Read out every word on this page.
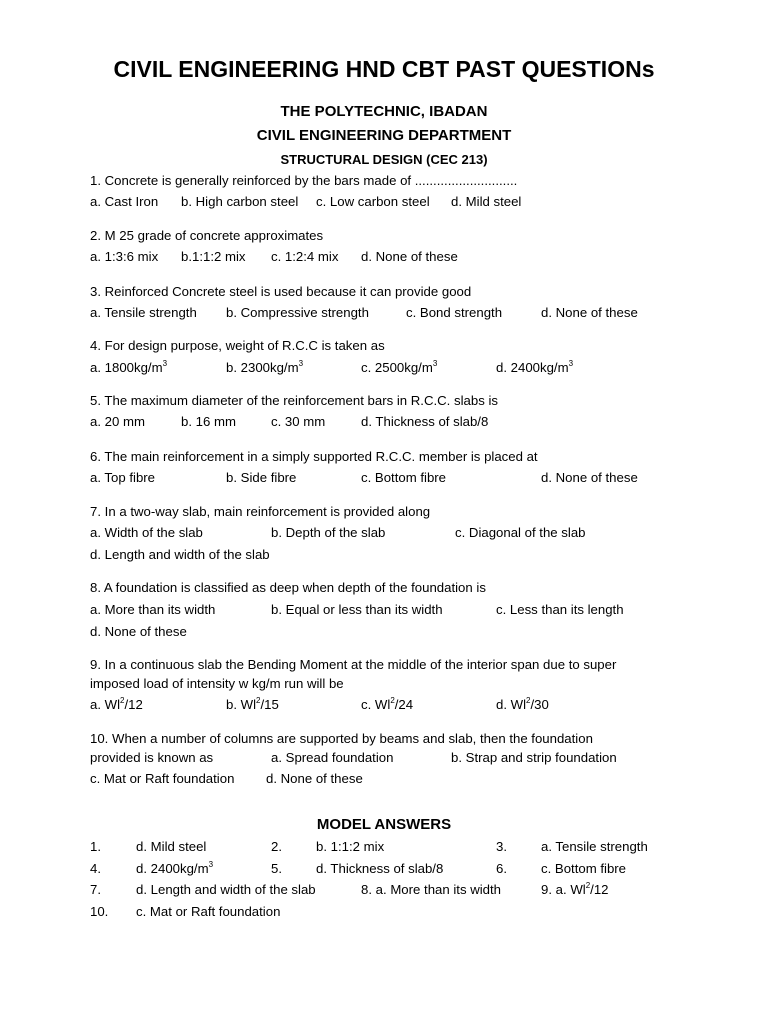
CIVIL ENGINEERING HND CBT PAST QUESTIONs
THE POLYTECHNIC, IBADAN
CIVIL ENGINEERING DEPARTMENT
STRUCTURAL DESIGN (CEC 213)
1. Concrete is generally reinforced by the bars made of ............................
a. Cast Iron b. High carbon steel c. Low carbon steel d. Mild steel
2. M 25 grade of concrete approximates
a. 1:3:6 mix b.1:1:2 mix c. 1:2:4 mix d. None of these
3. Reinforced Concrete steel is used because it can provide good
a. Tensile strength b. Compressive strength	c. Bond strength	d. None of these
4. For design purpose, weight of R.C.C is taken as
a. $1800kg/m^3$	b. $2300kg/m^3$	c. $2500kg/m^3$	d. $2400kg/m^3$
5. The maximum diameter of the reinforcement bars in R.C.C. slabs is
a. 20 mm	b. 16 mm	c. 30 mm	d. Thickness of slab/8
6. The main reinforcement in a simply supported R.C.C. member is placed at
a. Top fibre	b. Side fibre	c. Bottom fibre	d. None of these
7. In a two-way slab, main reinforcement is provided along
a. Width of the slab	b. Depth of the slab	c. Diagonal of the slab
d. Length and width of the slab
8. A foundation is classified as deep when depth of the foundation is
a. More than its width	b. Equal or less than its width	c. Less than its length
d. None of these
9. In a continuous slab the Bending Moment at the middle of the interior span due to super
imposed load of intensity w kg/m run will be
a. Wl$^2$/12	b. Wl$^2$/15	c. Wl$^2$/24	d. Wl$^2$/30
10. When a number of columns are supported by beams and slab, then the foundation
provided is known as	a. Spread foundation	b. Strap and strip foundation
c. Mat or Raft foundation d. None of these
MODEL ANSWERS
1.	d. Mild steel	2.	b. 1:1:2 mix	3.	a. Tensile strength
4.	d. $2400kg/m^3$	5.	d. Thickness of slab/8	6.	c. Bottom fibre
7.	d. Length and width of the slab	8. a. More than its width	9. a. Wl$^2$/12
10. c. Mat or Raft foundation
